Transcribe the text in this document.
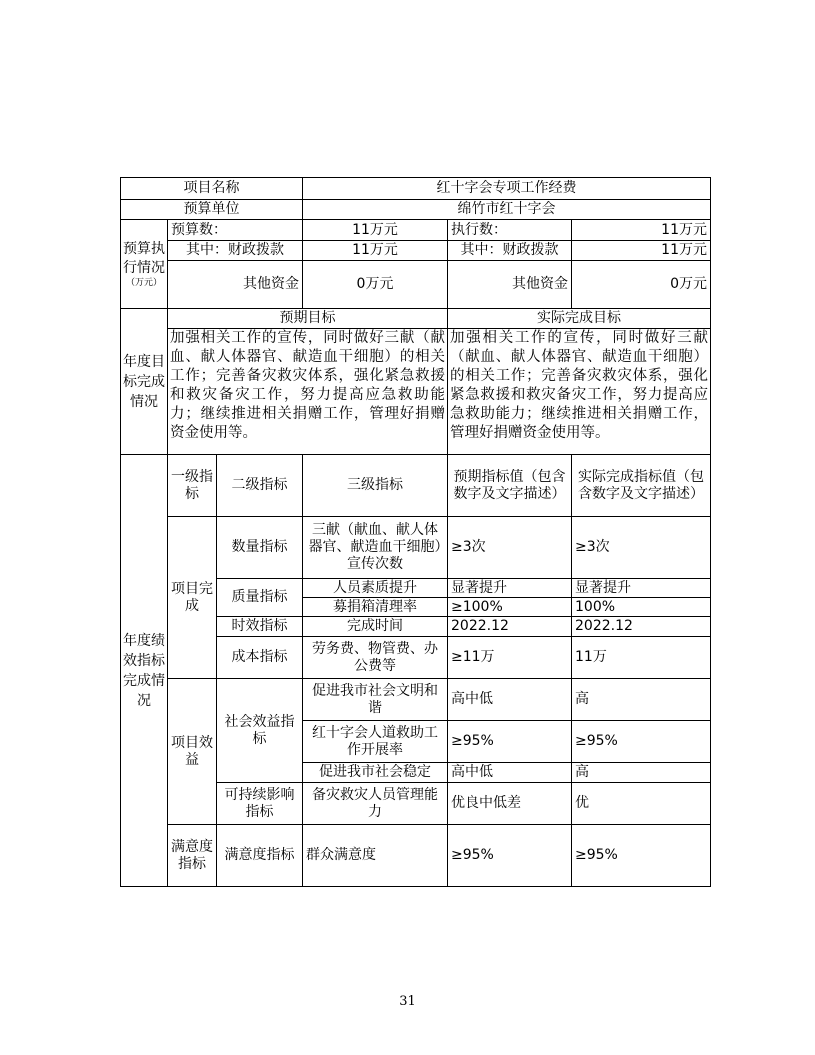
项目名称			红十字会专项工作经费		
预算单位			绵竹市红十字会		
预算执行情况
（万元）	预算数：		11万元	执行数：	11万元
	其中：财政拨款		11万元	其中：财政拨款	11万元
	其他资金		0万元	其他资金	0万元
年度目标完成情况	预期目标			实际完成目标	
	加强相关工作的宣传，同时做好三献（献血、献人体器官、献造血干细胞）的相关工作；完善备灾救灾体系，强化紧急救援和救灾备灾工作，努力提高应急救助能力；继续推进相关捐赠工作，管理好捐赠资金使用等。			加强相关工作的宣传，同时做好三献（献血、献人体器官、献造血干细胞）的相关工作；完善备灾救灾体系，强化紧急救援和救灾备灾工作，努力提高应急救助能力；继续推进相关捐赠工作，管理好捐赠资金使用等。	
年度绩效指标完成情况	一级指标	二级指标	三级指标	预期指标值（包含数字及文字描述）	实际完成指标值（包含数字及文字描述）
	项目完成	数量指标	三献（献血、献人体器官、献造血干细胞）宣传次数	≥3次	≥3次
		质量指标	人员素质提升	显著提升	显著提升
			募捐箱清理率	≥100%	100%
		时效指标	完成时间	2022.12	2022.12
		成本指标	劳务费、物管费、办公费等	≥11万	11万
	项目效益	社会效益指标	促进我市社会文明和谐	高中低	高
			红十字会人道救助工作开展率	≥95%	≥95%
			促进我市社会稳定	高中低	高
		可持续影响指标	备灾救灾人员管理能力	优良中低差	优
	满意度指标	满意度指标	群众满意度	≥95%	≥95%
31
